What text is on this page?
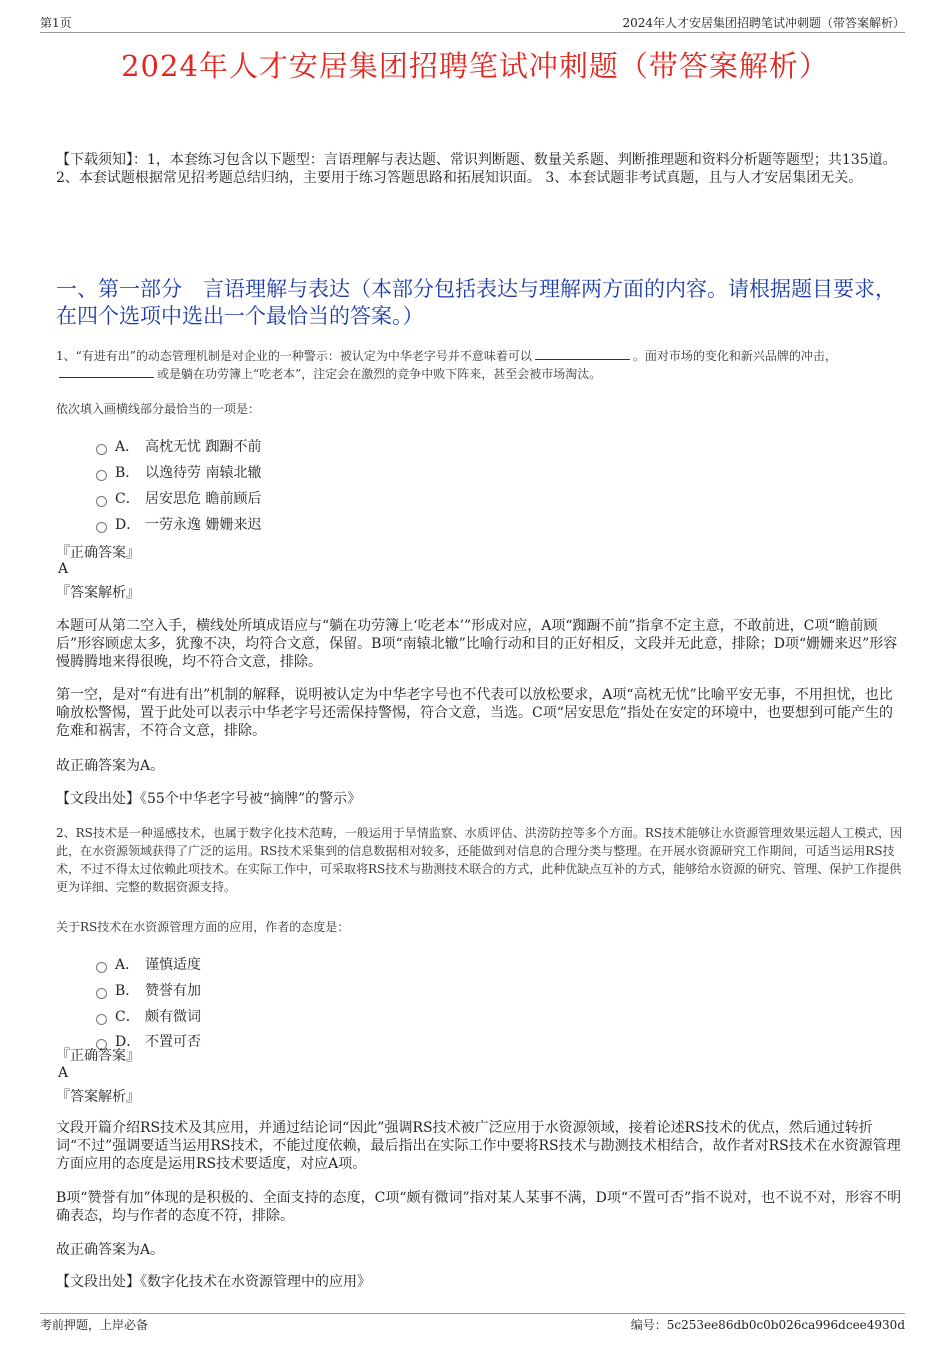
第1页	2024年人才安居集团招聘笔试冲刺题（带答案解析）
2024年人才安居集团招聘笔试冲刺题（带答案解析）
【下载须知】：1，本套练习包含以下题型：言语理解与表达题、常识判断题、数量关系题、判断推理题和资料分析题等题型；共135道。 2、本套试题根据常见招考题总结归纳，主要用于练习答题思路和拓展知识面。 3、本套试题非考试真题，且与人才安居集团无关。
一、第一部分　言语理解与表达（本部分包括表达与理解两方面的内容。请根据题目要求，在四个选项中选出一个最恰当的答案。）
1、“有进有出”的动态管理机制是对企业的一种警示：被认定为中华老字号并不意味着可以	。面对市场的变化和新兴品牌的冲击，或是躺在功劳簿上“吃老本”，注定会在激烈的竞争中败下阵来，甚至会被市场淘汰。
依次填入画横线部分最恰当的一项是：
A． 高枕无忧 踟蹰不前
B． 以逸待劳 南辕北辙
C． 居安思危 瞻前顾后
D． 一劳永逸 姗姗来迟
『正确答案』
A
『答案解析』
本题可从第二空入手，横线处所填成语应与“躺在功劳簿上‘吃老本’”形成对应，A项“踟蹰不前”指拿不定主意，不敢前进，C项“瞻前顾后”形容顾虑太多，犹豫不决，均符合文意，保留。B项“南辕北辙”比喻行动和目的正好相反，文段并无此意，排除；D项“姗姗来迟”形容慢腾腾地来得很晚，均不符合文意，排除。
第一空，是对“有进有出”机制的解释，说明被认定为中华老字号也不代表可以放松要求，A项“高枕无忧”比喻平安无事，不用担忧，也比喻放松警惕，置于此处可以表示中华老字号还需保持警惕，符合文意，当选。C项“居安思危”指处在安定的环境中，也要想到可能产生的危难和祸害，不符合文意，排除。
故正确答案为A。
【文段出处】《55个中华老字号被“摘牌”的警示》
2、RS技术是一种遥感技术，也属于数字化技术范畴，一般运用于旱情监察、水质评估、洪涝防控等多个方面。RS技术能够让水资源管理效果远超人工模式，因此，在水资源领域获得了广泛的运用。RS技术采集到的信息数据相对较多，还能做到对信息的合理分类与整理。在开展水资源研究工作期间，可适当运用RS技术，不过不得太过依赖此项技术。在实际工作中，可采取将RS技术与勘测技术联合的方式，此种优缺点互补的方式，能够给水资源的研究、管理、保护工作提供更为详细、完整的数据资源支持。
关于RS技术在水资源管理方面的应用，作者的态度是：
A． 谨慎适度
B． 赞誉有加
C． 颇有微词
D． 不置可否
『正确答案』
A
『答案解析』
文段开篇介绍RS技术及其应用，并通过结论词“因此”强调RS技术被广泛应用于水资源领域，接着论述RS技术的优点，然后通过转折词“不过”强调要适当运用RS技术，不能过度依赖，最后指出在实际工作中要将RS技术与勘测技术相结合，故作者对RS技术在水资源管理方面应用的态度是运用RS技术要适度，对应A项。
B项“赞誉有加”体现的是积极的、全面支持的态度，C项“颇有微词”指对某人某事不满，D项“不置可否”指不说对，也不说不对，形容不明确表态，均与作者的态度不符，排除。
故正确答案为A。
【文段出处】《数字化技术在水资源管理中的应用》
考前押题，上岸必备	编号：5c253ee86db0c0b026ca996dcee4930d
